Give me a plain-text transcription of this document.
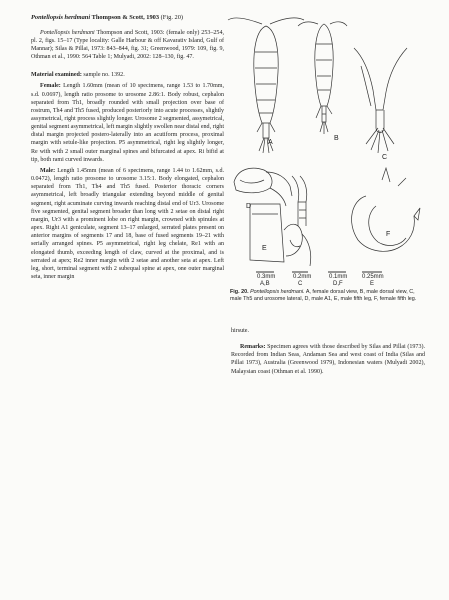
Pontellopsis herdmani Thompson & Scott, 1903 (Fig. 20)

Pontellopsis herdmani Thompson and Scott, 1903: (female only) 253–254, pl. 2, figs. 15–17 (Type locality: Galle Harbour & off Kavarativ Island, Gulf of Mannar); Silas & Pillai, 1973: 843–844, fig. 31; Greenwood, 1979: 109, fig. 9, Othman et al., 1990: 564 Table 1; Mulyadi, 2002: 128–130, fig. 47.

Material examined: sample no. 1392.

Female: Length 1.60mm (mean of 10 specimens, range 1.53 to 1.70mm, s.d. 0.0697), length ratio prosome to urosome 2.86:1. Body robust, cephalon separated from Th1, broadly rounded with small projection over base of rostrum, Th4 and Th5 fused, produced posteriorly into acute processes, slightly assymetrical, right process slightly longer. Urosome 2 segmented, assymetrical, genital segment asymmetrical, left margin slightly swollen near distal end, right distal margin projected postero-laterally into an acutiform process, proximal margin with setule-like projection. P5 asymmetrical, right leg slightly longer, Re with with 2 small outer marginal spines and bifurcated at apex. Ri bifid at tip, both rami curved inwards.

Male: Length 1.45mm (mean of 6 specimens, range 1.44 to 1.62mm, s.d. 0.0472), length ratio prosome to urosome 3.15:1. Body elongated, cephalon separated from Th1, Th4 and Th5 fused. Posterior thoracic corners asymmetrical, left broadly triangular extending beyond middle of genital segment, right acuminate curving inwards reaching distal end of Ur3. Urosome five segmented, genital segment broader than long with 2 setae on distal right margin, Ur3 with a prominent lobe on right margin, crowned with spinules at apex. Right A1 geniculate, segment 13–17 enlarged, serrated plates present on anterior margins of segments 17 and 18, base of fused segments 19–21 with serially arranged spines. P5 asymmetrical, right leg chelate, Re1 with an elongated thumb, exceeding length of claw, curved at the proximal, and is serrated at apex; Re2 inner margin with 2 setae and another seta at apex. Left leg, short, terminal segment with 2 subequal spine at apex, one outer marginal seta, inner margin

A
B
C
D
E
F
0.3mm
A,B
0.2mm
C
0.1mm
D,F
0.25mm
E

Fig. 20. Pontellopsis herdmani. A, female dorsal view, B, male dorsal view, C, male Th5 and urosome lateral, D, male A1, E, male fifth leg, F, female fifth leg.

hirsute.

Remarks: Specimen agrees with those described by Silas and Pillai (1973). Recorded from Indian Seas, Andaman Sea and west coast of India (Silas and Pillai 1973), Australia (Greenwood 1979), Indonesian waters (Mulyadi 2002), Malaysian coast (Othman et al. 1990).
